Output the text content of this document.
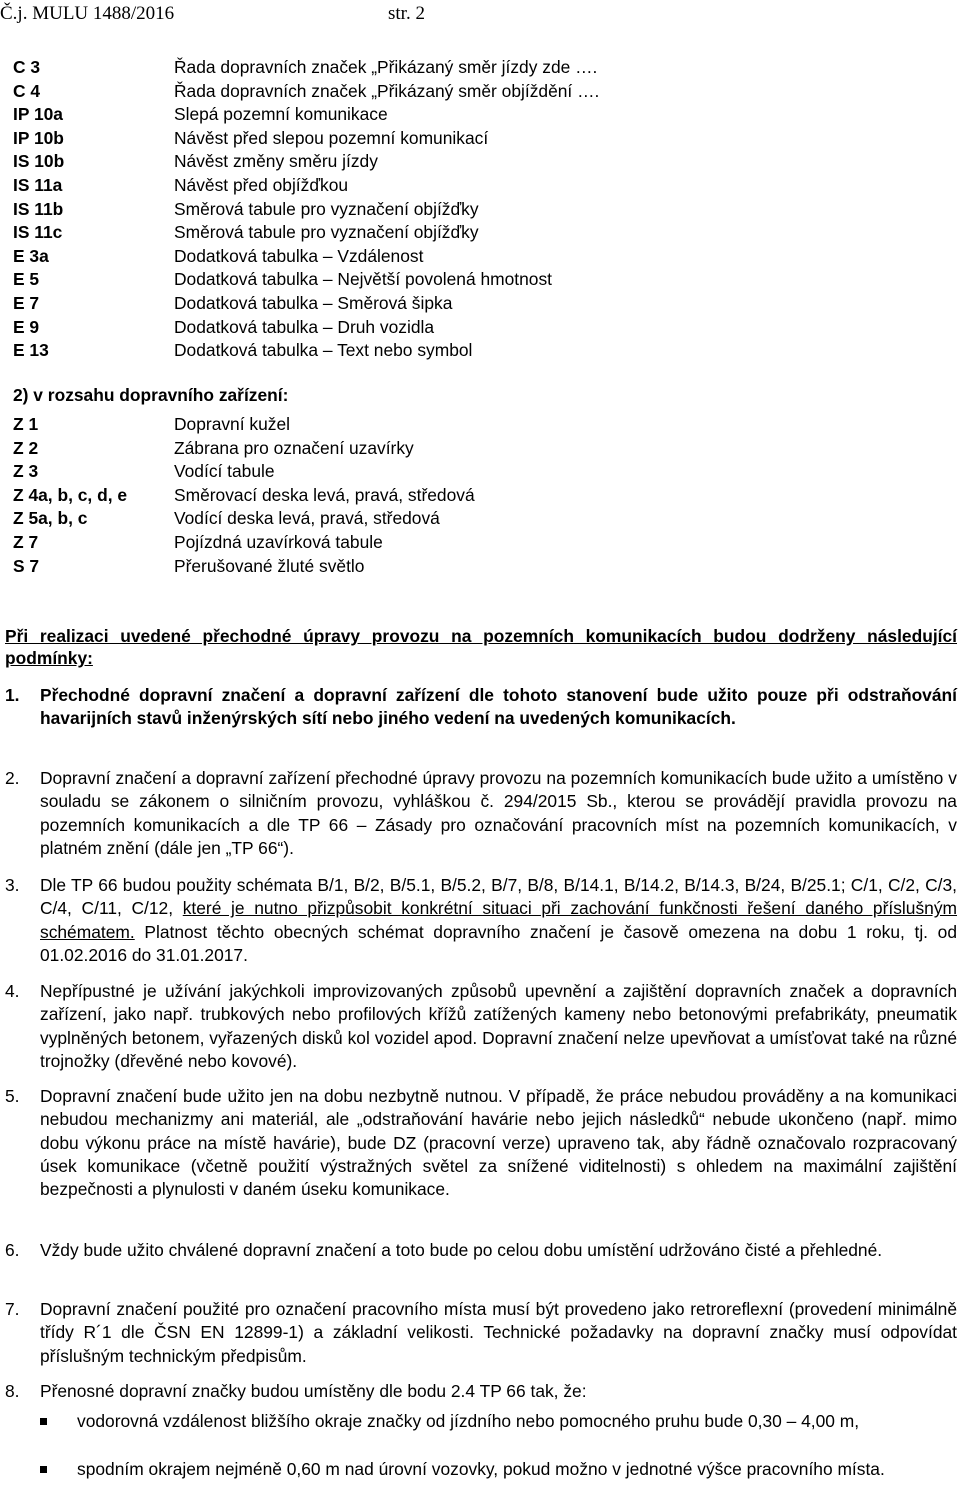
Č.j. MULU 1488/2016	str. 2
C 3	Řada dopravních značek „Přikázaný směr jízdy zde ….
C 4	Řada dopravních značek „Přikázaný směr objíždění ….
IP 10a	Slepá pozemní komunikace
IP 10b	Návěst před slepou pozemní komunikací
IS 10b	Návěst změny směru jízdy
IS 11a	Návěst před objížďkou
IS 11b	Směrová tabule pro vyznačení objížďky
IS 11c	Směrová tabule pro vyznačení objížďky
E 3a	Dodatková tabulka – Vzdálenost
E 5	Dodatková tabulka – Největší povolená hmotnost
E 7	Dodatková tabulka – Směrová šipka
E 9	Dodatková tabulka – Druh vozidla
E 13	Dodatková tabulka – Text nebo symbol
2) v rozsahu dopravního zařízení:
Z 1	Dopravní kužel
Z 2	Zábrana pro označení uzavírky
Z 3	Vodící tabule
Z 4a, b, c, d, e	Směrovací deska levá, pravá, středová
Z 5a, b, c	Vodící deska levá, pravá, středová
Z 7	Pojízdná uzavírková tabule
S 7	Přerušované žluté světlo
Při realizaci uvedené přechodné úpravy provozu na pozemních komunikacích budou dodrženy následující podmínky:
1. Přechodné dopravní značení a dopravní zařízení dle tohoto stanovení bude užito pouze při odstraňování havarijních stavů inženýrských sítí nebo jiného vedení na uvedených komunikacích.
2. Dopravní značení a dopravní zařízení přechodné úpravy provozu na pozemních komunikacích bude užito a umístěno v souladu se zákonem o silničním provozu, vyhláškou č. 294/2015 Sb., kterou se provádějí pravidla provozu na pozemních komunikacích a dle TP 66 – Zásady pro označování pracovních míst na pozemních komunikacích, v platném znění (dále jen „TP 66“).
3. Dle TP 66 budou použity schémata B/1, B/2, B/5.1, B/5.2, B/7, B/8, B/14.1, B/14.2, B/14.3, B/24, B/25.1; C/1, C/2, C/3, C/4, C/11, C/12, které je nutno přizpůsobit konkrétní situaci při zachování funkčnosti řešení daného příslušným schématem. Platnost těchto obecných schémat dopravního značení je časově omezena na dobu 1 roku, tj. od 01.02.2016 do 31.01.2017.
4. Nepřípustné je užívání jakýchkoli improvizovaných způsobů upevnění a zajištění dopravních značek a dopravních zařízení, jako např. trubkových nebo profilových křížů zatížených kameny nebo betonovými prefabrikáty, pneumatik vyplněných betonem, vyřazených disků kol vozidel apod. Dopravní značení nelze upevňovat a umísťovat také na různé trojnožky (dřevěné nebo kovové).
5. Dopravní značení bude užito jen na dobu nezbytně nutnou. V případě, že práce nebudou prováděny a na komunikaci nebudou mechanizmy ani materiál, ale „odstraňování havárie nebo jejich následků“ nebude ukončeno (např. mimo dobu výkonu práce na místě havárie), bude DZ (pracovní verze) upraveno tak, aby řádně označovalo rozpracovaný úsek komunikace (včetně použití výstražných světel za snížené viditelnosti) s ohledem na maximální zajištění bezpečnosti a plynulosti v daném úseku komunikace.
6. Vždy bude užito chválené dopravní značení a toto bude po celou dobu umístění udržováno čisté a přehledné.
7. Dopravní značení použité pro označení pracovního místa musí být provedeno jako retroreflexní (provedení minimálně třídy R´1 dle ČSN EN 12899-1) a základní velikosti. Technické požadavky na dopravní značky musí odpovídat příslušným technickým předpisům.
8. Přenosné dopravní značky budou umístěny dle bodu 2.4 TP 66 tak, že:
vodorovná vzdálenost bližšího okraje značky od jízdního nebo pomocného pruhu bude 0,30 – 4,00 m,
spodním okrajem nejméně 0,60 m nad úrovní vozovky, pokud možno v jednotné výšce pracovního místa.
